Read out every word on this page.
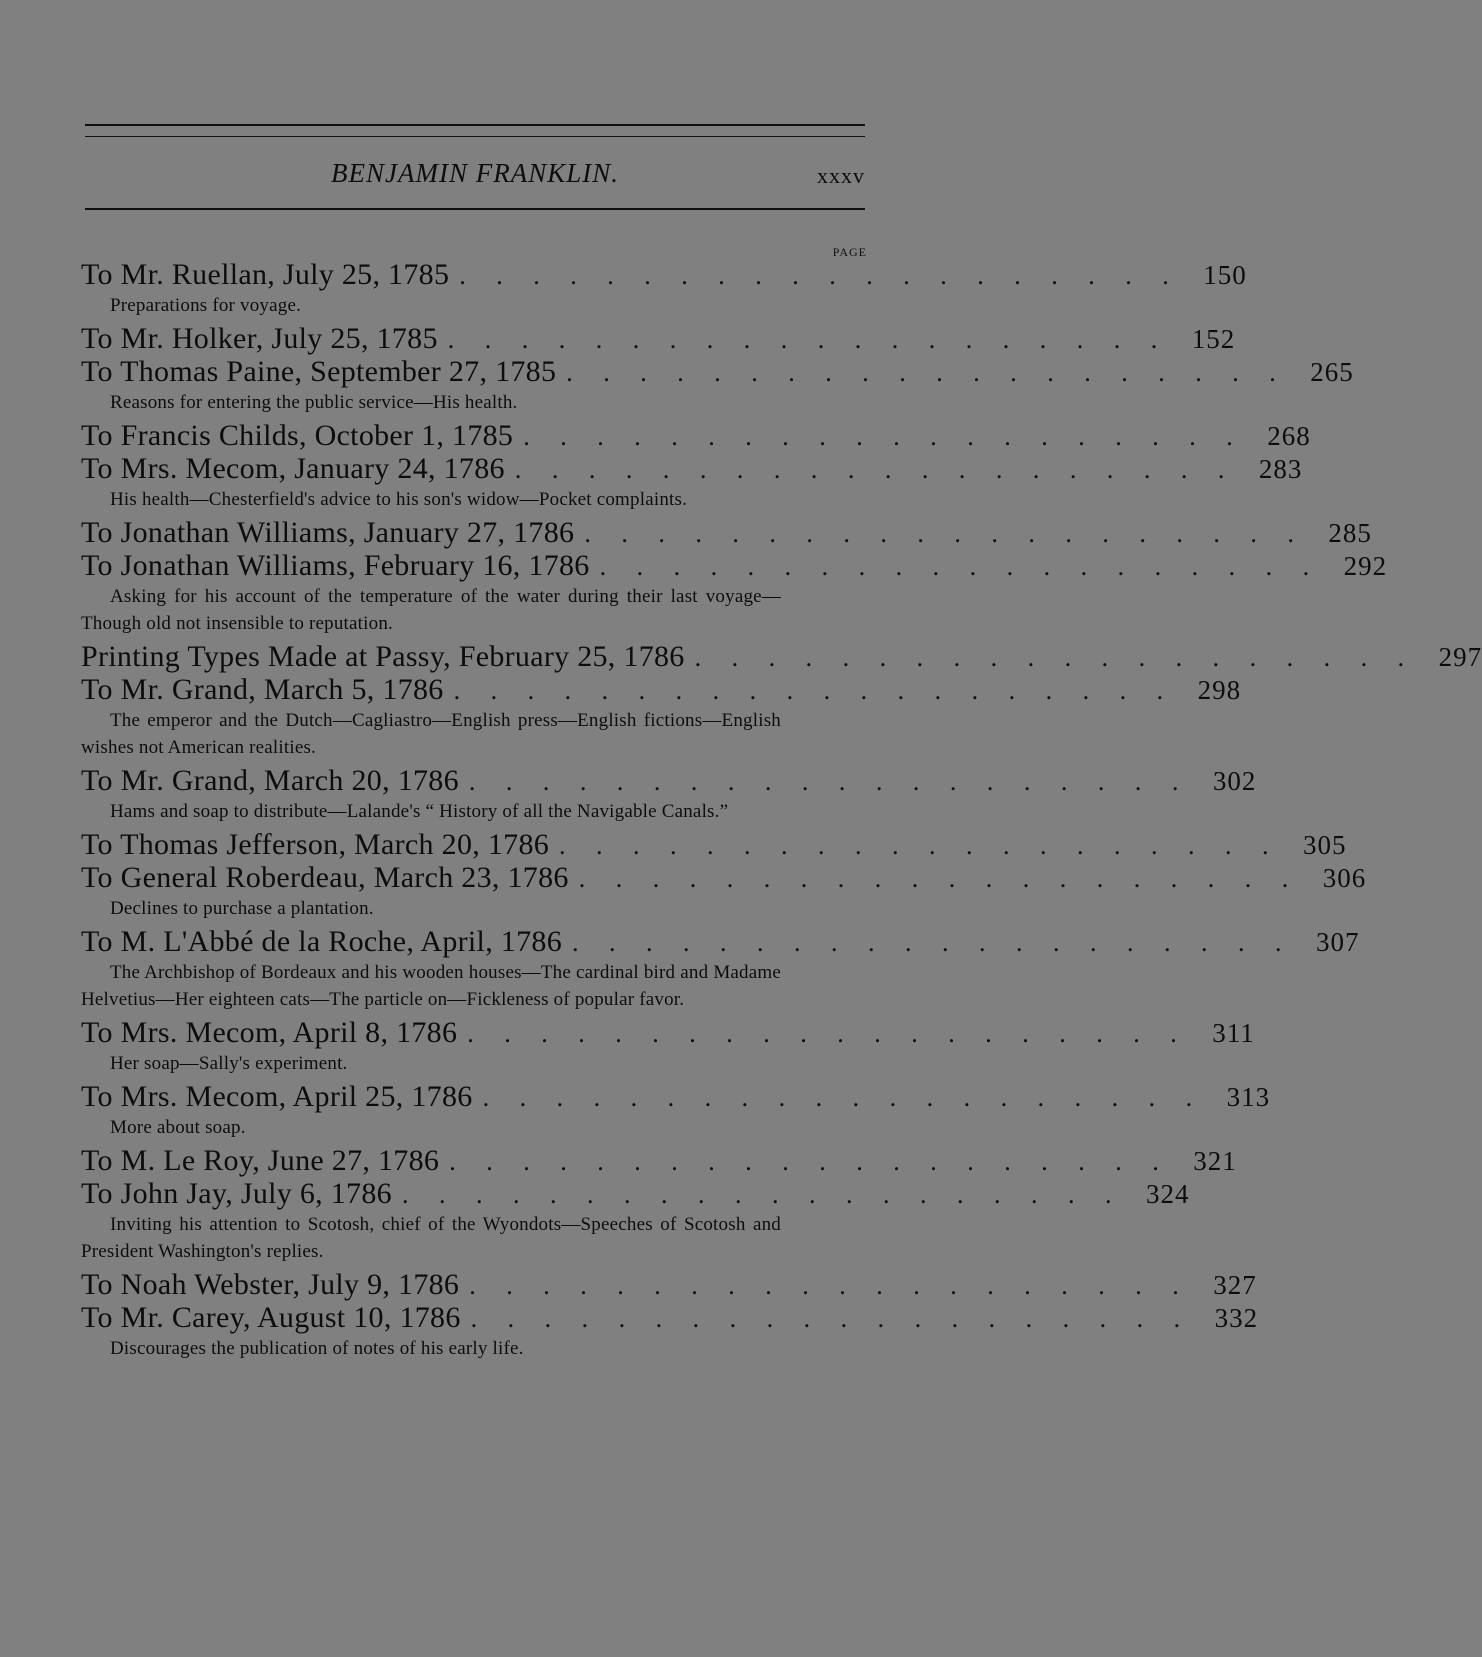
BENJAMIN FRANKLIN.	xxxv
PAGE
To Mr. Ruellan, July 25, 1785 . . . . . . . . . . . . . . . . . . . . 150
Preparations for voyage.
To Mr. Holker, July 25, 1785 . . . . . . . . . . . . . . . . . . . . 152
To Thomas Paine, September 27, 1785 . . . . . . . . . . . . . . . . . . . . 265
Reasons for entering the public service—His health.
To Francis Childs, October 1, 1785 . . . . . . . . . . . . . . . . . . . . 268
To Mrs. Mecom, January 24, 1786 . . . . . . . . . . . . . . . . . . . . 283
His health—Chesterfield's advice to his son's widow—Pocket complaints.
To Jonathan Williams, January 27, 1786 . . . . . . . . . . . . . . . . . . . . 285
To Jonathan Williams, February 16, 1786 . . . . . . . . . . . . . . . . . . . . 292
Asking for his account of the temperature of the water during their last voyage—Though old not insensible to reputation.
Printing Types Made at Passy, February 25, 1786 . . . . . . . . . . . . . . . . . . . . 297
To Mr. Grand, March 5, 1786 . . . . . . . . . . . . . . . . . . . . 298
The emperor and the Dutch—Cagliastro—English press—English fictions—English wishes not American realities.
To Mr. Grand, March 20, 1786 . . . . . . . . . . . . . . . . . . . . 302
Hams and soap to distribute—Lalande's “ History of all the Navigable Canals.”
To Thomas Jefferson, March 20, 1786 . . . . . . . . . . . . . . . . . . . . 305
To General Roberdeau, March 23, 1786 . . . . . . . . . . . . . . . . . . . . 306
Declines to purchase a plantation.
To M. L'Abbé de la Roche, April, 1786 . . . . . . . . . . . . . . . . . . . . 307
The Archbishop of Bordeaux and his wooden houses—The cardinal bird and Madame Helvetius—Her eighteen cats—The particle on—Fickleness of popular favor.
To Mrs. Mecom, April 8, 1786 . . . . . . . . . . . . . . . . . . . . 311
Her soap—Sally's experiment.
To Mrs. Mecom, April 25, 1786 . . . . . . . . . . . . . . . . . . . . 313
More about soap.
To M. Le Roy, June 27, 1786 . . . . . . . . . . . . . . . . . . . . 321
To John Jay, July 6, 1786 . . . . . . . . . . . . . . . . . . . . 324
Inviting his attention to Scotosh, chief of the Wyondots—Speeches of Scotosh and President Washington's replies.
To Noah Webster, July 9, 1786 . . . . . . . . . . . . . . . . . . . . 327
To Mr. Carey, August 10, 1786 . . . . . . . . . . . . . . . . . . . . 332
Discourages the publication of notes of his early life.
